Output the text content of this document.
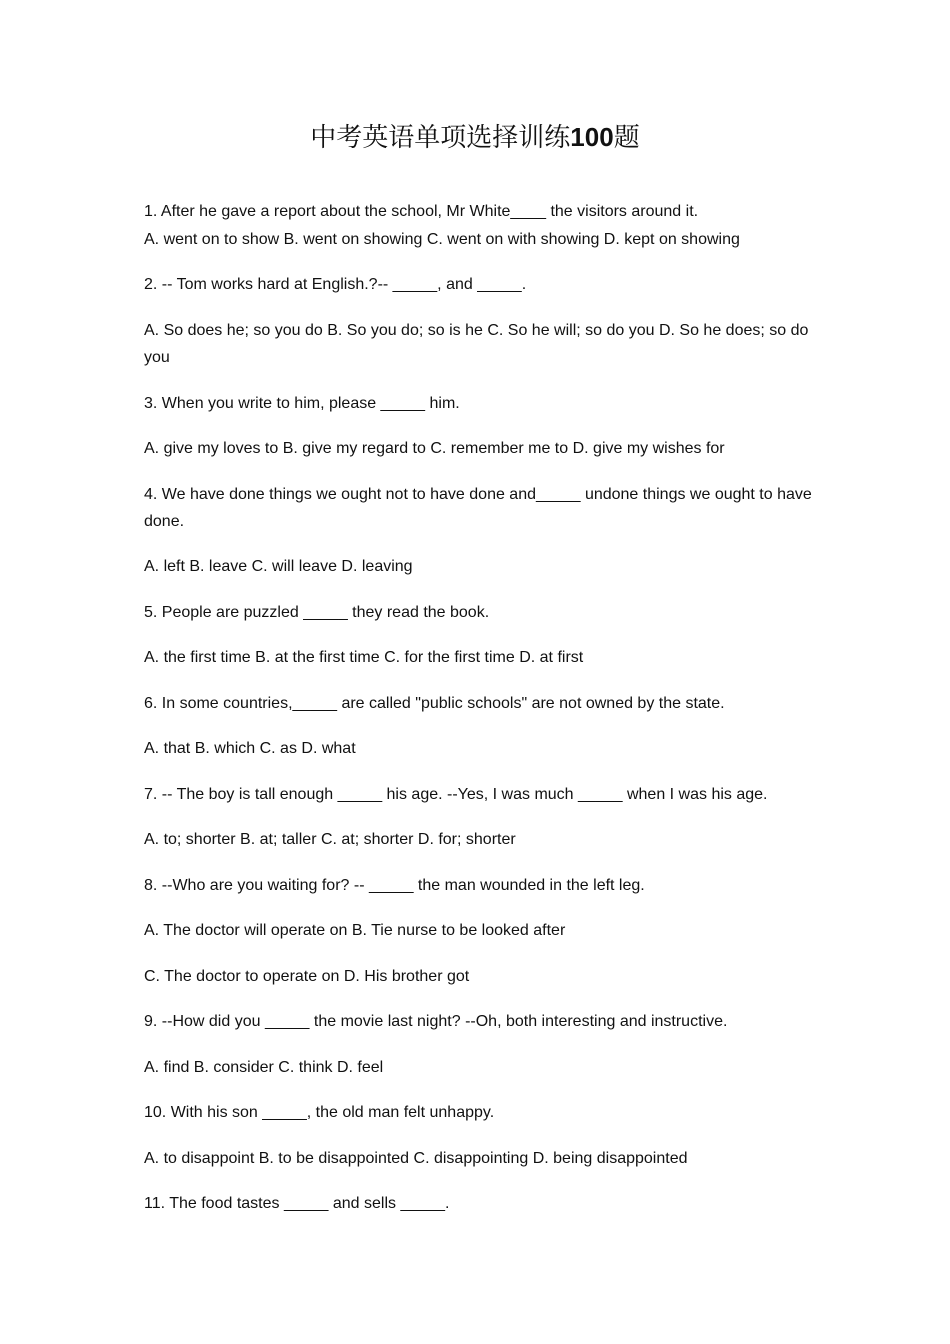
中考英语单项选择训练100题

1. After he gave a report about the school, Mr White____ the visitors around it.

A. went on to show B. went on showing C. went on with showing D. kept on showing

2. -- Tom works hard at English.?-- _____, and _____.

A. So does he; so you do B. So you do; so is he C. So he will; so do you D. So he does; so do you

3. When you write to him, please _____ him.

A. give my loves to B. give my regard to C. remember me to D. give my wishes for

4. We have done things we ought not to have done and_____ undone things we ought to have done.

A. left B. leave C. will leave D. leaving

5. People are puzzled _____ they read the book.

A. the first time B. at the first time C. for the first time D. at first

6. In some countries,_____ are called "public schools" are not owned by the state.

A. that B. which C. as D. what

7. -- The boy is tall enough _____ his age. --Yes, I was much _____ when I was his age.

A. to; shorter B. at; taller C. at; shorter D. for; shorter

8. --Who are you waiting for? -- _____ the man wounded in the left leg.

A. The doctor will operate on B. Tie nurse to be looked after

C. The doctor to operate on D. His brother got

9. --How did you _____ the movie last night? --Oh, both interesting and instructive.

A. find B. consider C. think D. feel

10. With his son _____, the old man felt unhappy.

A. to disappoint B. to be disappointed C. disappointing D. being disappointed

11. The food tastes _____ and sells _____.
